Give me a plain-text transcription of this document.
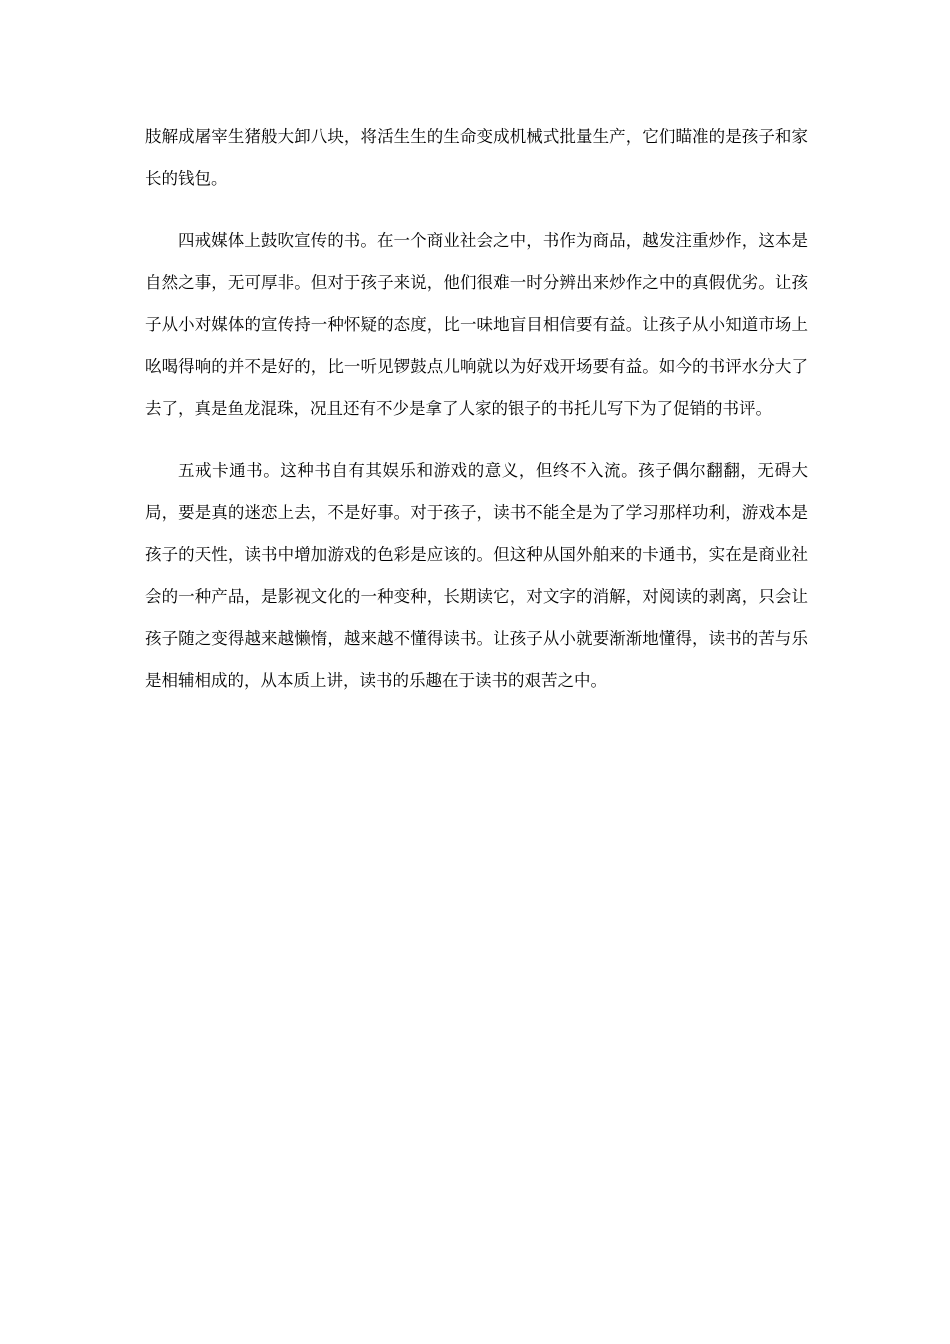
肢解成屠宰生猪般大卸八块，将活生生的生命变成机械式批量生产，它们瞄准的是孩子和家长的钱包。

四戒媒体上鼓吹宣传的书。在一个商业社会之中，书作为商品，越发注重炒作，这本是自然之事，无可厚非。但对于孩子来说，他们很难一时分辨出来炒作之中的真假优劣。让孩子从小对媒体的宣传持一种怀疑的态度，比一味地盲目相信要有益。让孩子从小知道市场上吆喝得响的并不是好的，比一听见锣鼓点儿响就以为好戏开场要有益。如今的书评水分大了去了，真是鱼龙混珠，况且还有不少是拿了人家的银子的书托儿写下为了促销的书评。

五戒卡通书。这种书自有其娱乐和游戏的意义，但终不入流。孩子偶尔翻翻，无碍大局，要是真的迷恋上去，不是好事。对于孩子，读书不能全是为了学习那样功利，游戏本是孩子的天性，读书中增加游戏的色彩是应该的。但这种从国外舶来的卡通书，实在是商业社会的一种产品，是影视文化的一种变种，长期读它，对文字的消解，对阅读的剥离，只会让孩子随之变得越来越懒惰，越来越不懂得读书。让孩子从小就要渐渐地懂得，读书的苦与乐是相辅相成的，从本质上讲，读书的乐趣在于读书的艰苦之中。
